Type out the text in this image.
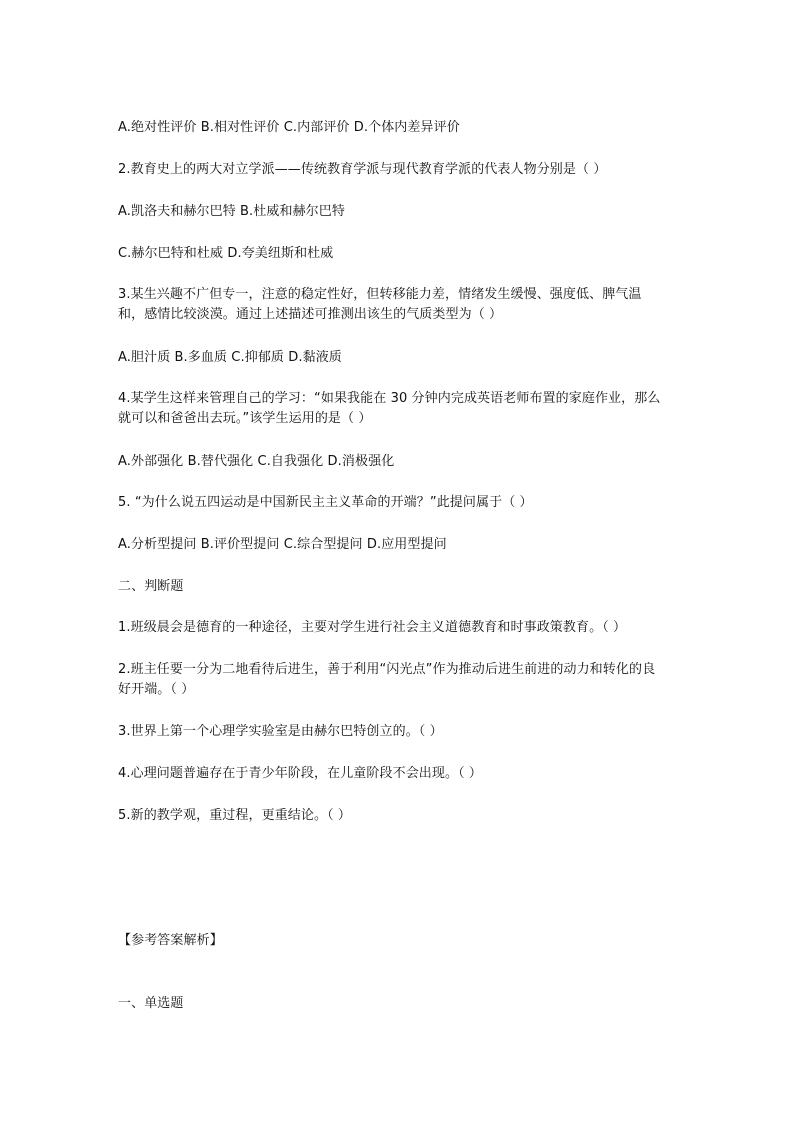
A.绝对性评价 B.相对性评价 C.内部评价 D.个体内差异评价
2.教育史上的两大对立学派——传统教育学派与现代教育学派的代表人物分别是（ ）
A.凯洛夫和赫尔巴特 B.杜威和赫尔巴特
C.赫尔巴特和杜威 D.夸美纽斯和杜威
3.某生兴趣不广但专一，注意的稳定性好，但转移能力差，情绪发生缓慢、强度低、脾气温和，感情比较淡漠。通过上述描述可推测出该生的气质类型为（ ）
A.胆汁质 B.多血质 C.抑郁质 D.黏液质
4.某学生这样来管理自己的学习：“如果我能在 30 分钟内完成英语老师布置的家庭作业，那么就可以和爸爸出去玩。”该学生运用的是（ ）
A.外部强化 B.替代强化 C.自我强化 D.消极强化
5. “为什么说五四运动是中国新民主主义革命的开端？”此提问属于（ ）
A.分析型提问 B.评价型提问 C.综合型提问 D.应用型提问
二、判断题
1.班级晨会是德育的一种途径，主要对学生进行社会主义道德教育和时事政策教育。（ ）
2.班主任要一分为二地看待后进生，善于利用“闪光点”作为推动后进生前进的动力和转化的良好开端。（ ）
3.世界上第一个心理学实验室是由赫尔巴特创立的。（ ）
4.心理问题普遍存在于青少年阶段，在儿童阶段不会出现。（ ）
5.新的教学观，重过程，更重结论。（ ）
【参考答案解析】
一、单选题
